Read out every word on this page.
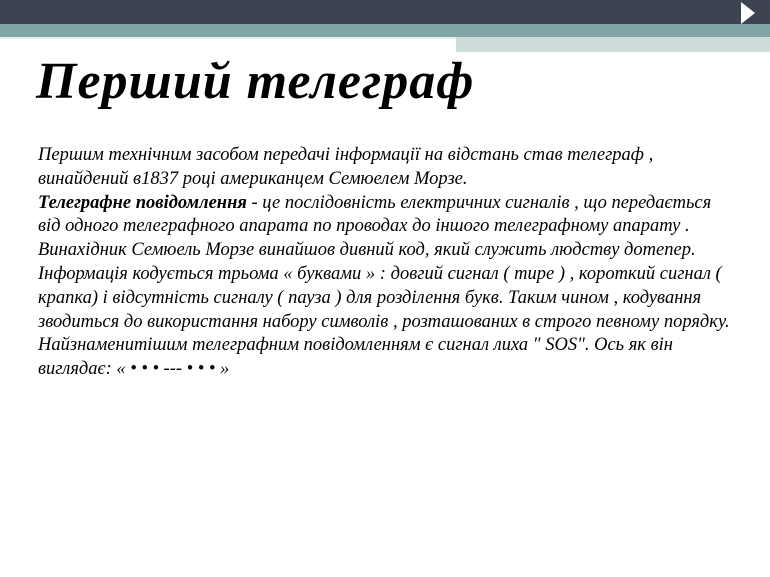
Перший телеграф

Першим технічним засобом передачі інформації на відстань став телеграф , винайдений в1837 році американцем Семюелем Морзе.

Телеграфне повідомлення - це послідовність електричних сигналів , що передається від одного телеграфного апарата по проводах до іншого телеграфному апарату .

Винахідник Семюель Морзе винайшов дивний код, який служить людству дотепер. Інформація кодується трьома « буквами » : довгий сигнал ( тире ) , короткий сигнал ( крапка) і відсутність сигналу ( пауза ) для розділення букв. Таким чином , кодування зводиться до використання набору символів , розташованих в строго певному порядку.

Найзнаменитішим телеграфним повідомленням є сигнал лиха " SOS". Ось як він виглядає: « • • • --- • • • »
